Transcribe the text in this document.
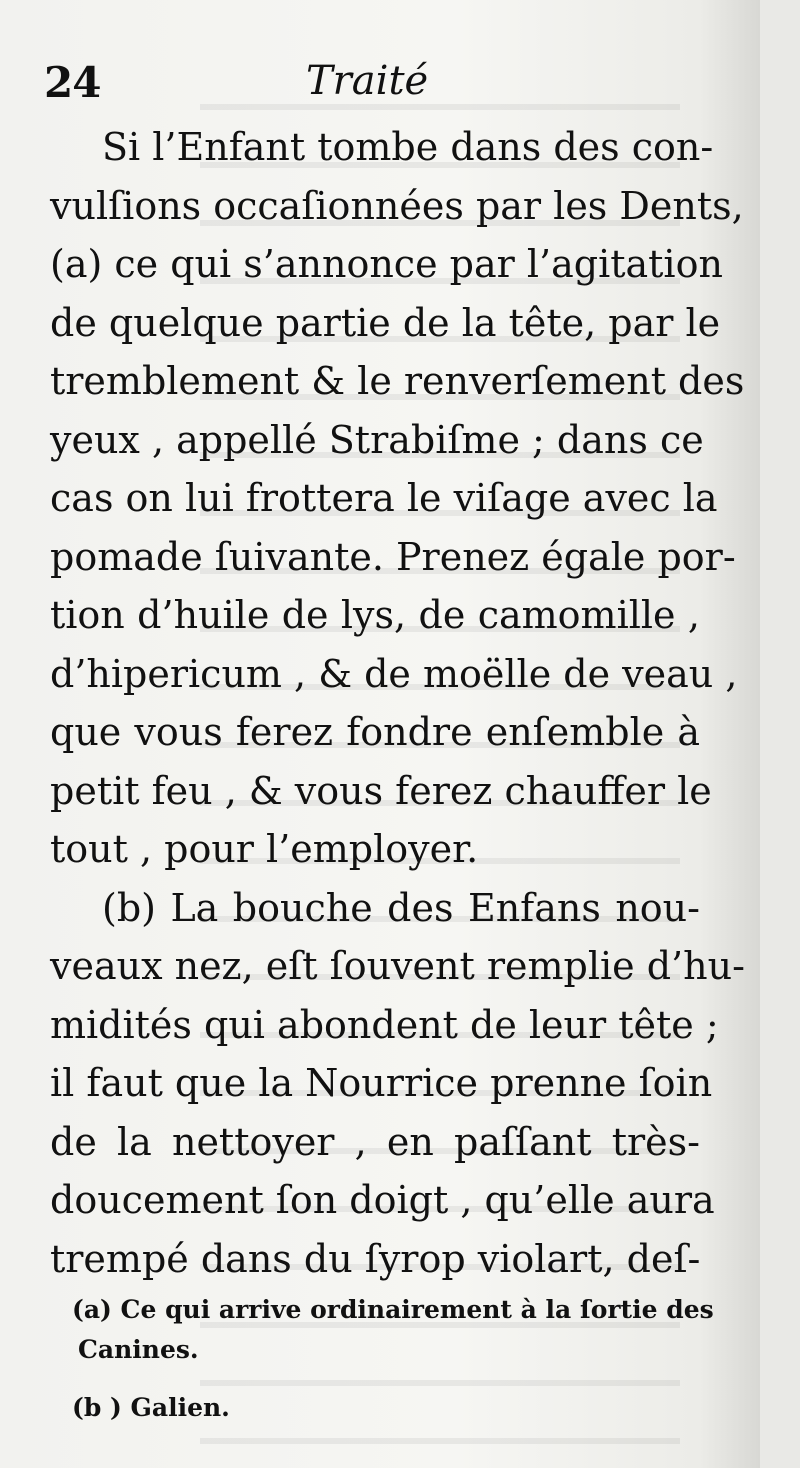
24	Traité
Si l’Enfant tombe dans des con-
vulſions occaſionnées par les Dents,
(a) ce qui s’annonce par l’agitation
de quelque partie de la tête, par le
tremblement & le renverſement des
yeux , appellé Strabiſme ; dans ce
cas on lui frottera le viſage avec la
pomade ſuivante. Prenez égale por-
tion d’huile de lys, de camomille ,
d’hipericum , & de moëlle de veau ,
que vous ferez fondre enſemble à
petit feu , & vous ferez chauffer le
tout , pour l’employer.
(b) La bouche des Enfans nou-
veaux nez, eſt ſouvent remplie d’hu-
midités qui abondent de leur tête ;
il faut que la Nourrice prenne ſoin
de la nettoyer , en paſſant très-
doucement ſon doigt , qu’elle aura
trempé dans du ſyrop violart, deſ-
(a) Ce qui arrive ordinairement à la ſortie des
Canines.
(b ) Galien.
